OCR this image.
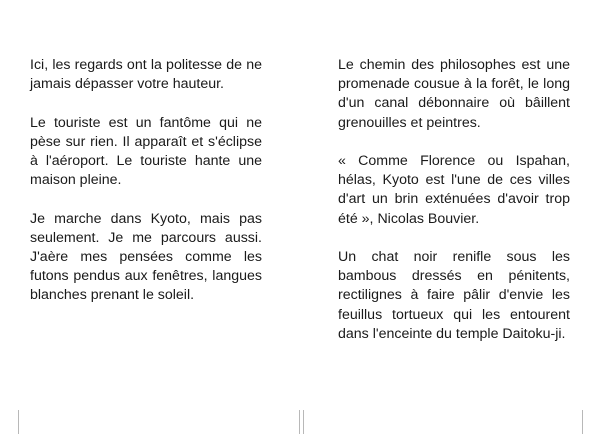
Ici, les regards ont la politesse de ne jamais dépasser votre hauteur.

Le touriste est un fantôme qui ne pèse sur rien. Il apparaît et s'éclipse à l'aéroport. Le touriste hante une maison pleine.

Je marche dans Kyoto, mais pas seulement. Je me parcours aussi. J'aère mes pensées comme les futons pendus aux fenêtres, langues blanches prenant le soleil.

Le chemin des philosophes est une promenade cousue à la forêt, le long d'un canal débonnaire où bâillent grenouilles et peintres.

« Comme Florence ou Ispahan, hélas, Kyoto est l'une de ces villes d'art un brin exténuées d'avoir trop été », Nicolas Bouvier.

Un chat noir renifle sous les bambous dressés en pénitents, rectilignes à faire pâlir d'envie les feuillus tortueux qui les entourent dans l'enceinte du temple Daitoku-ji.
